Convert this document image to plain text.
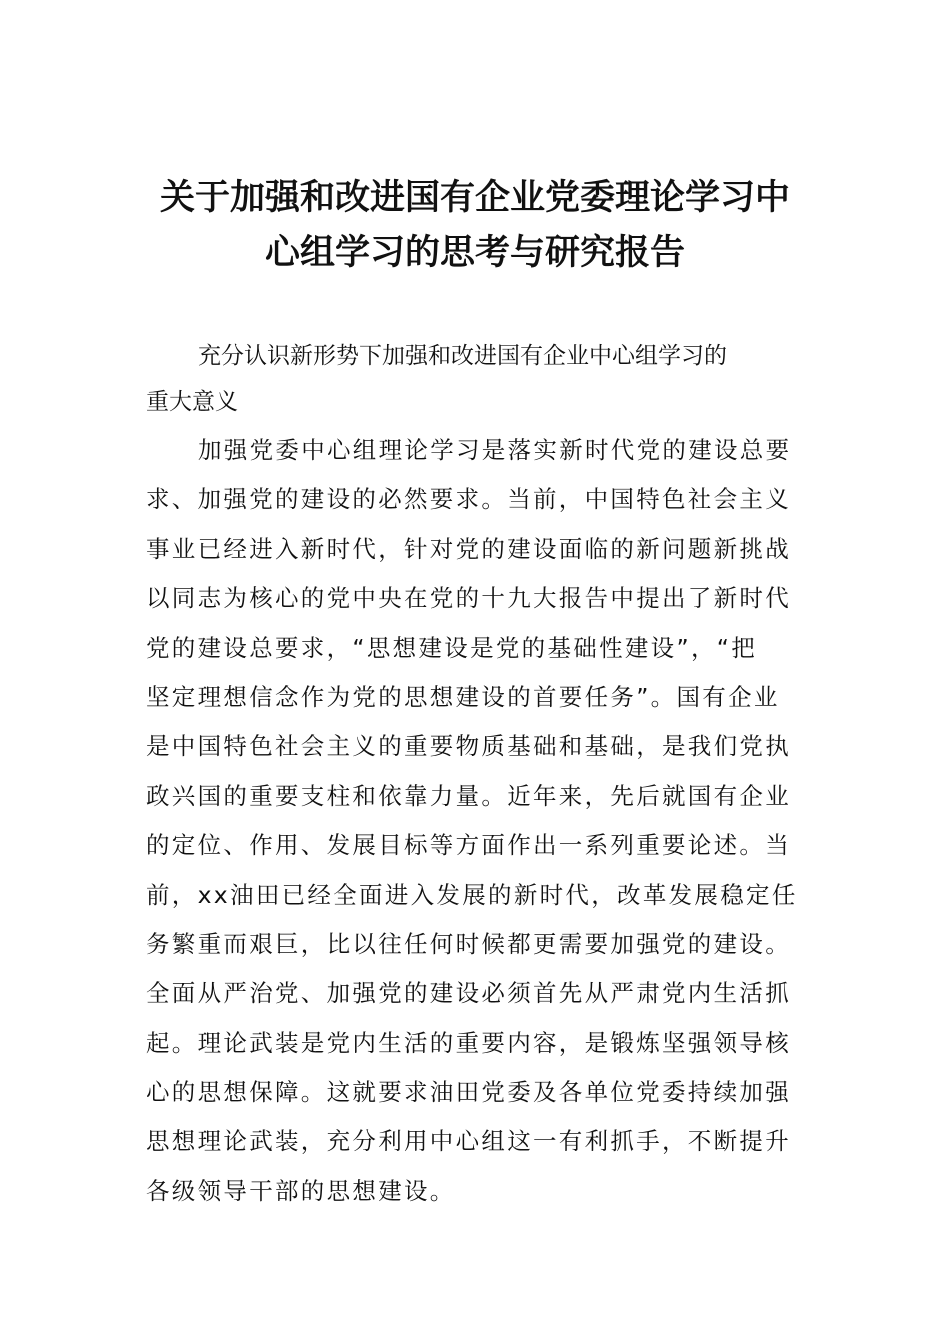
关于加强和改进国有企业党委理论学习中
心组学习的思考与研究报告
充分认识新形势下加强和改进国有企业中心组学习的
重大意义
加强党委中心组理论学习是落实新时代党的建设总要
求、加强党的建设的必然要求。当前，中国特色社会主义
事业已经进入新时代，针对党的建设面临的新问题新挑战
以同志为核心的党中央在党的十九大报告中提出了新时代
党的建设总要求，“思想建设是党的基础性建设”，“把
坚定理想信念作为党的思想建设的首要任务”。国有企业
是中国特色社会主义的重要物质基础和基础，是我们党执
政兴国的重要支柱和依靠力量。近年来，先后就国有企业
的定位、作用、发展目标等方面作出一系列重要论述。当
前，xx油田已经全面进入发展的新时代，改革发展稳定任
务繁重而艰巨，比以往任何时候都更需要加强党的建设。
全面从严治党、加强党的建设必须首先从严肃党内生活抓
起。理论武装是党内生活的重要内容，是锻炼坚强领导核
心的思想保障。这就要求油田党委及各单位党委持续加强
思想理论武装，充分利用中心组这一有利抓手，不断提升
各级领导干部的思想建设。
